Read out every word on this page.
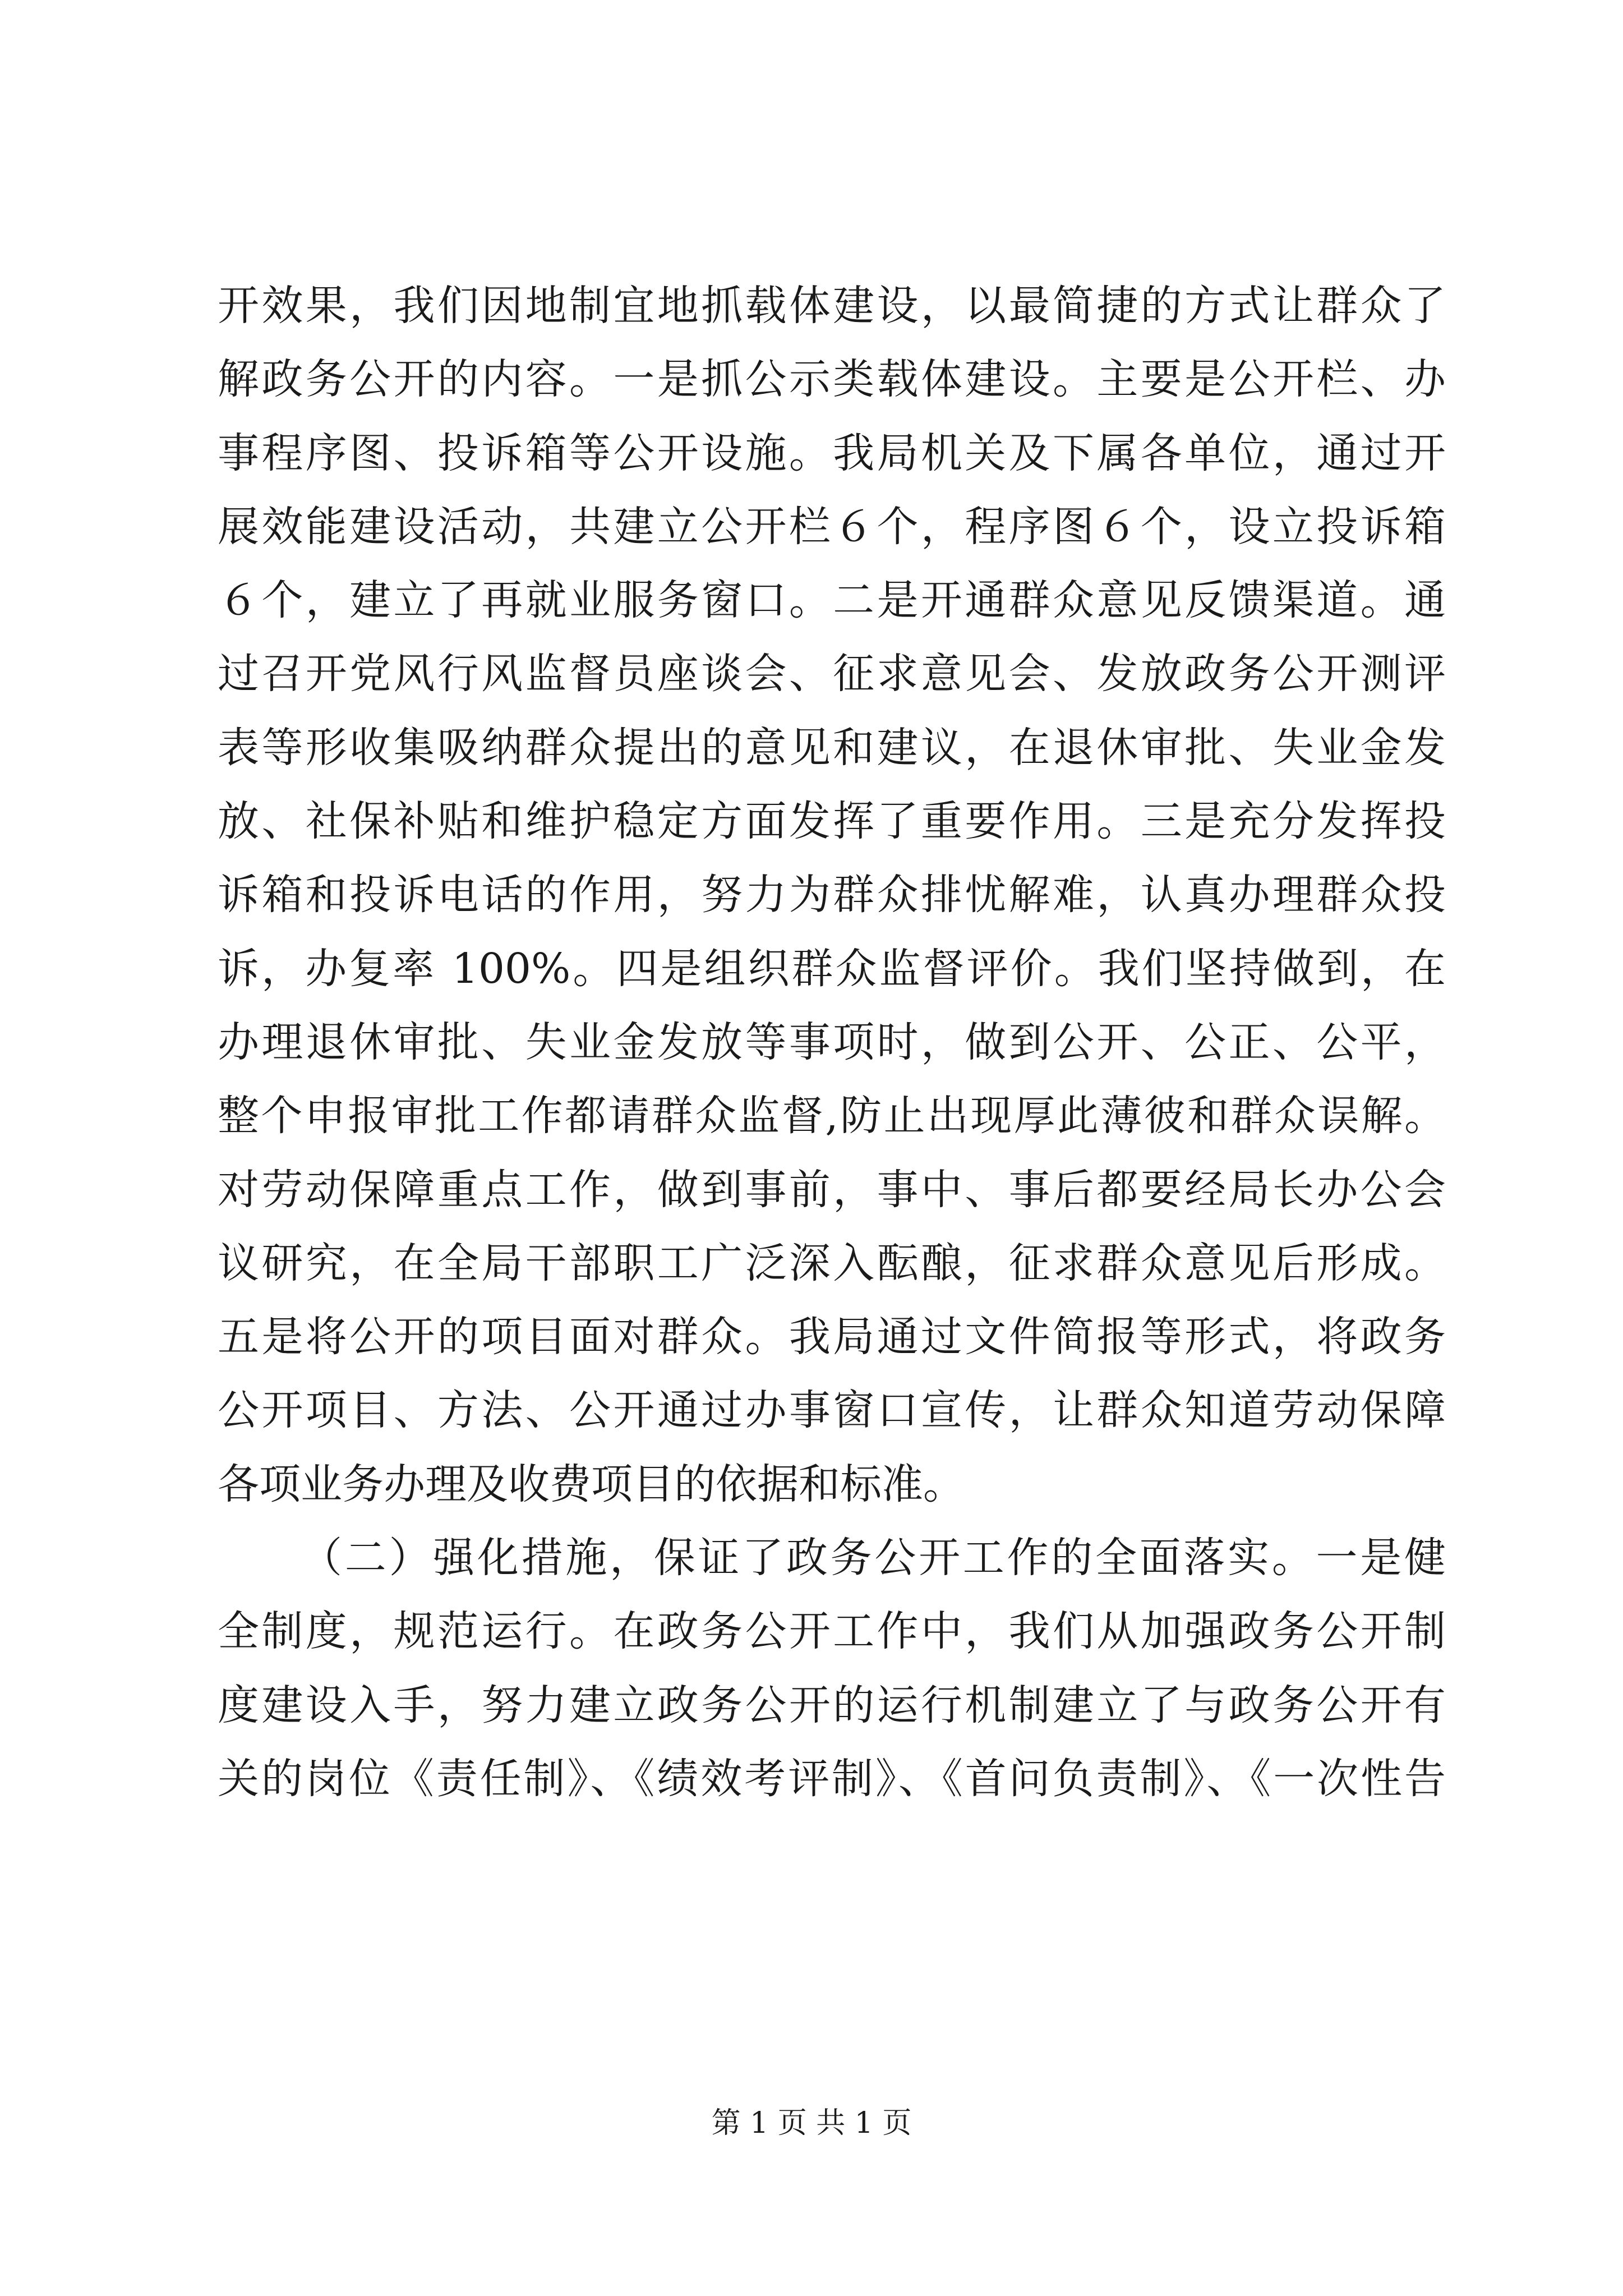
开效果，我们因地制宜地抓载体建设，以最简捷的方式让群众了
解政务公开的内容。一是抓公示类载体建设。主要是公开栏、办
事程序图、投诉箱等公开设施。我局机关及下属各单位，通过开
展效能建设活动，共建立公开栏６个，程序图６个，设立投诉箱
６个，建立了再就业服务窗口。二是开通群众意见反馈渠道。通
过召开党风行风监督员座谈会、征求意见会、发放政务公开测评
表等形收集吸纳群众提出的意见和建议，在退休审批、失业金发
放、社保补贴和维护稳定方面发挥了重要作用。三是充分发挥投
诉箱和投诉电话的作用，努力为群众排忧解难，认真办理群众投
诉，办复率 100%。四是组织群众监督评价。我们坚持做到，在
办理退休审批、失业金发放等事项时，做到公开、公正、公平，
整个申报审批工作都请群众监督,防止出现厚此薄彼和群众误解。
对劳动保障重点工作，做到事前，事中、事后都要经局长办公会
议研究，在全局干部职工广泛深入酝酿，征求群众意见后形成。
五是将公开的项目面对群众。我局通过文件简报等形式，将政务
公开项目、方法、公开通过办事窗口宣传，让群众知道劳动保障
各项业务办理及收费项目的依据和标准。
（二）强化措施，保证了政务公开工作的全面落实。一是健
全制度，规范运行。在政务公开工作中，我们从加强政务公开制
度建设入手，努力建立政务公开的运行机制建立了与政务公开有
关的岗位《责任制》、《绩效考评制》、《首问负责制》、《一次性告
第 1 页 共 1 页
